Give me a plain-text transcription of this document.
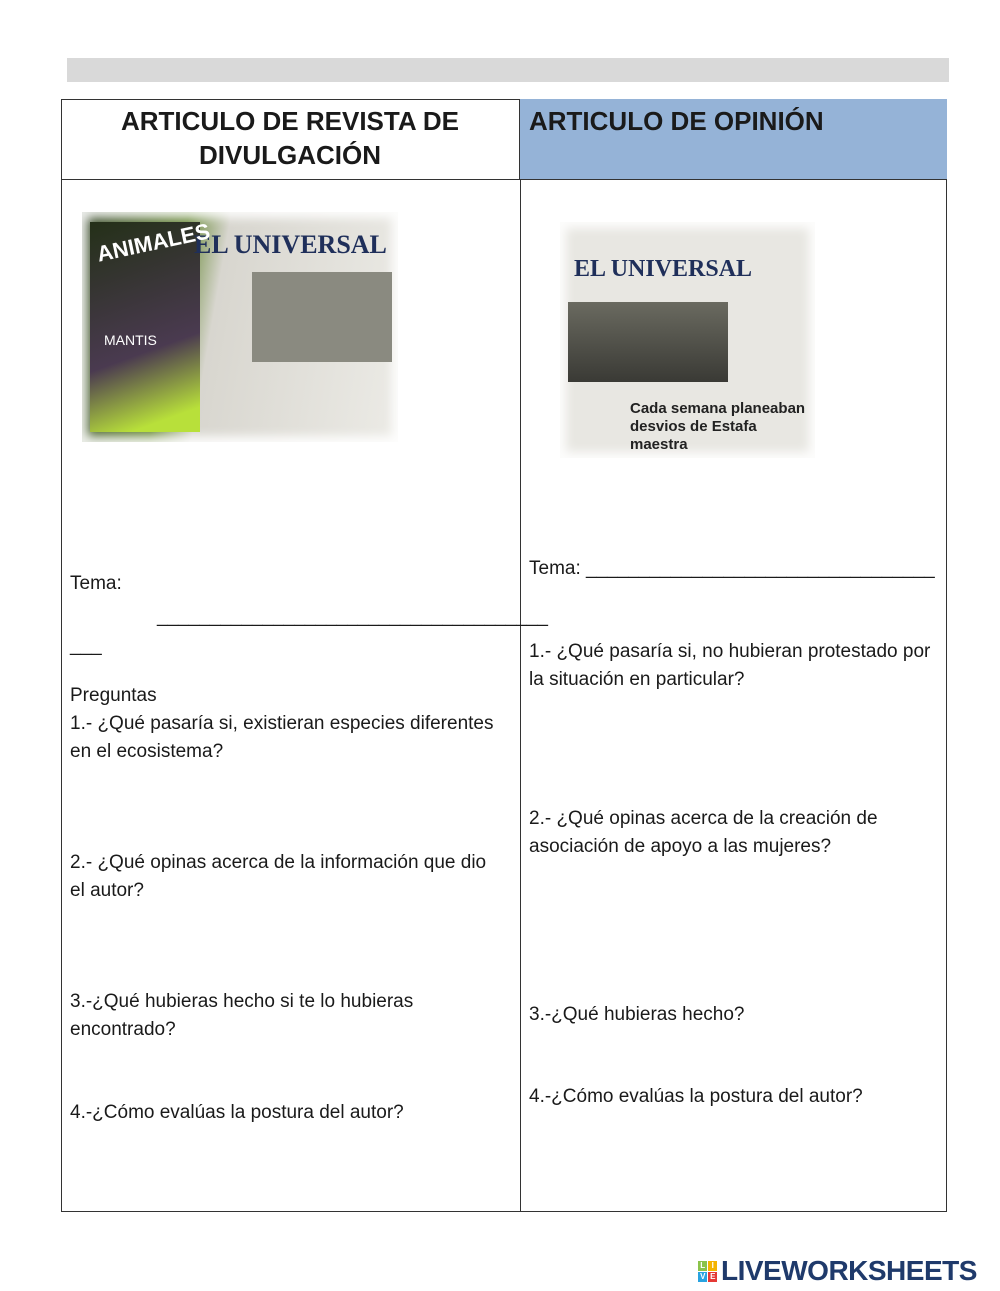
ARTICULO DE REVISTA DE DIVULGACIÓN
ARTICULO DE OPINIÓN
EL UNIVERSAL
ANIMALES
MANTIS
EL UNIVERSAL
Cada semana planeaban desvios de Estafa maestra
Tema:
_____________________________________
___
Preguntas
1.- ¿Qué pasaría si, existieran especies diferentes en el ecosistema?
2.- ¿Qué opinas acerca de la información que dio el autor?
3.-¿Qué hubieras hecho si te lo hubieras encontrado?
4.-¿Cómo evalúas la postura del autor?
Tema: _________________________________
1.- ¿Qué pasaría si, no hubieran protestado por la situación en particular?
2.- ¿Qué opinas acerca de la creación de asociación de apoyo a las mujeres?
3.-¿Qué hubieras hecho?
4.-¿Cómo evalúas la postura del autor?
L I
V E LIVEWORKSHEETS
